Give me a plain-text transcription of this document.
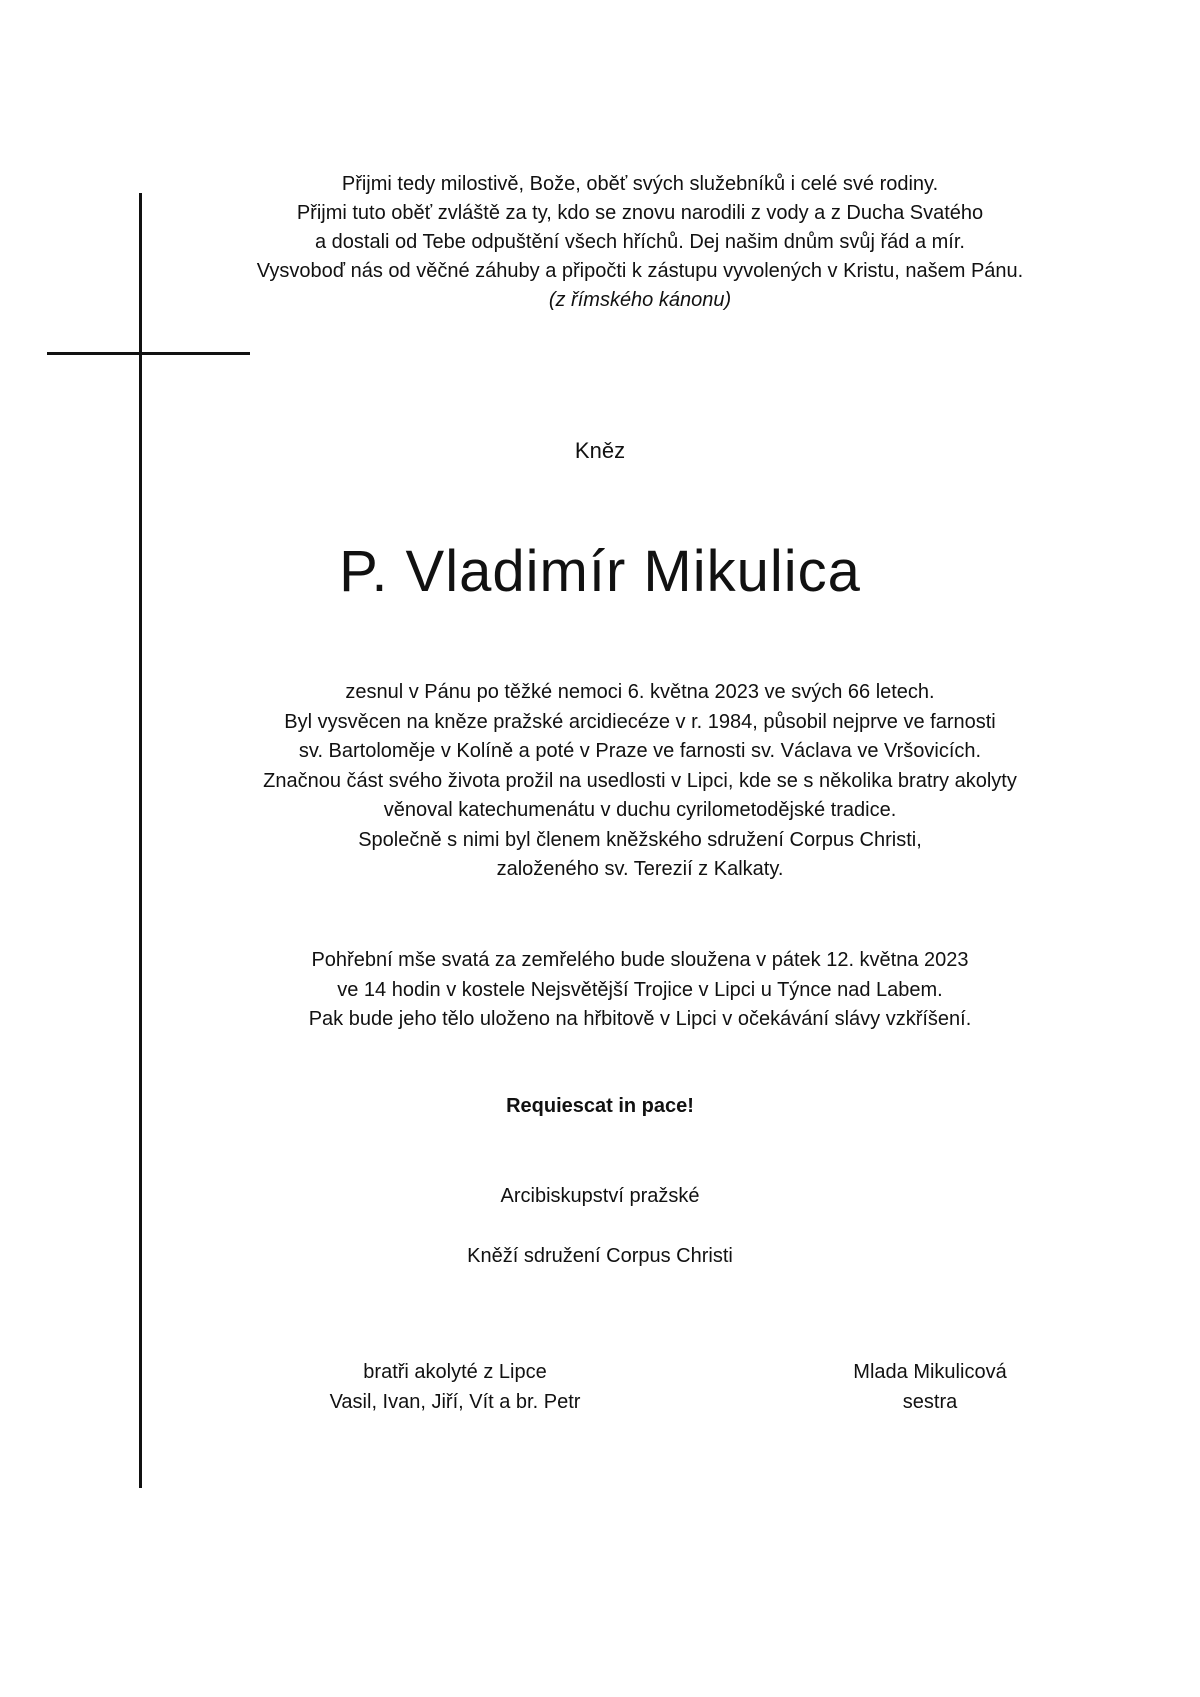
Přijmi tedy milostivě, Bože, oběť svých služebníků i celé své rodiny.
Přijmi tuto oběť zvláště za ty, kdo se znovu narodili z vody a z Ducha Svatého
a dostali od Tebe odpuštění všech hříchů. Dej našim dnům svůj řád a mír.
Vysvoboď nás od věčné záhuby a připočti k zástupu vyvolených v Kristu, našem Pánu.
(z římského kánonu)
Kněz
P. Vladimír Mikulica
zesnul v Pánu po těžké nemoci 6. května 2023 ve svých 66 letech.
Byl vysvěcen na kněze pražské arcidiecéze v r. 1984, působil nejprve ve farnosti
sv. Bartoloměje v Kolíně a poté v Praze ve farnosti sv. Václava ve Vršovicích.
Značnou část svého života prožil na usedlosti v Lipci, kde se s několika bratry akolyty
věnoval katechumenátu v duchu cyrilometodějské tradice.
Společně s nimi byl členem kněžského sdružení Corpus Christi,
založeného sv. Terezií z Kalkaty.
Pohřební mše svatá za zemřelého bude sloužena v pátek 12. května 2023
ve 14 hodin v kostele Nejsvětější Trojice v Lipci u Týnce nad Labem.
Pak bude jeho tělo uloženo na hřbitově v Lipci v očekávání slávy vzkříšení.
Requiescat in pace!
Arcibiskupství pražské
Kněží sdružení Corpus Christi
bratři akolyté z Lipce
Vasil, Ivan, Jiří, Vít a br. Petr
Mlada Mikulicová
sestra
